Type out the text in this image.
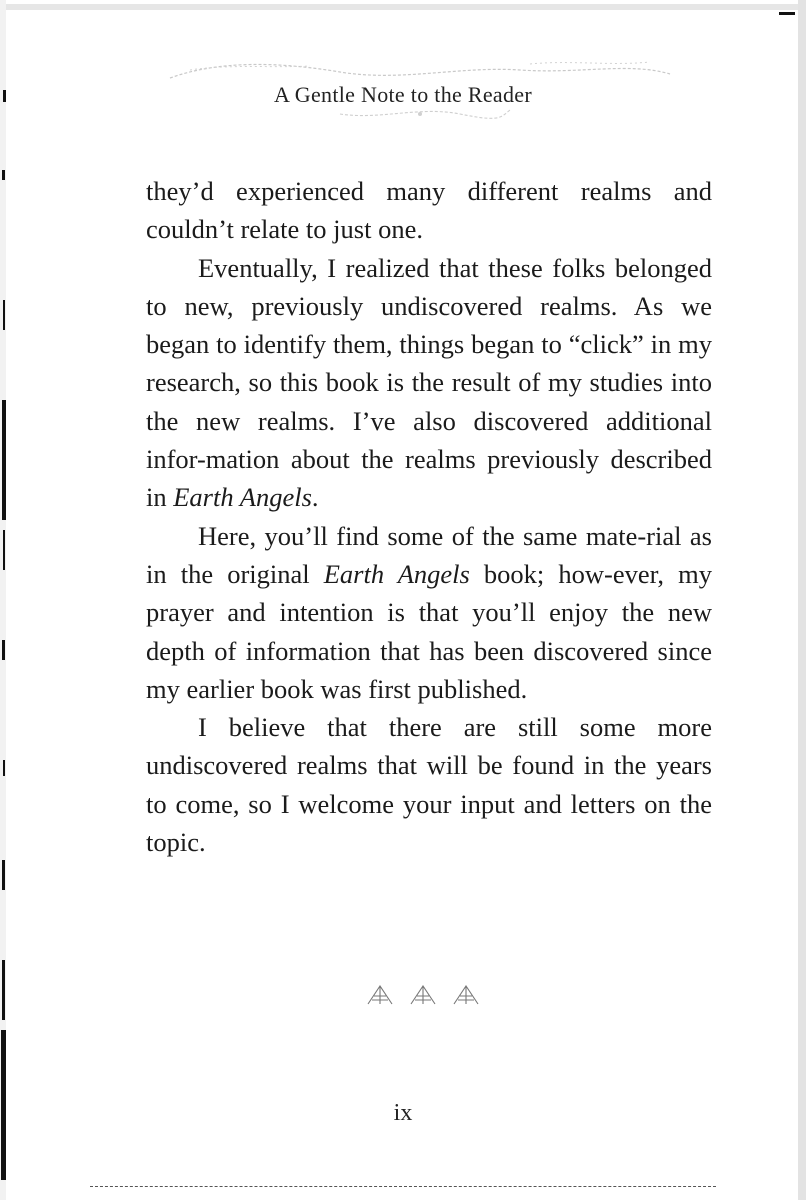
A Gentle Note to the Reader

they’d experienced many different realms and couldn’t relate to just one.

Eventually, I realized that these folks belonged to new, previously undiscovered realms. As we began to identify them, things began to “click” in my research, so this book is the result of my studies into the new realms. I’ve also discovered additional infor-mation about the realms previously described in Earth Angels.

Here, you’ll find some of the same mate-rial as in the original Earth Angels book; how-ever, my prayer and intention is that you’ll enjoy the new depth of information that has been discovered since my earlier book was first published.

I believe that there are still some more undiscovered realms that will be found in the years to come, so I welcome your input and letters on the topic.

ix
